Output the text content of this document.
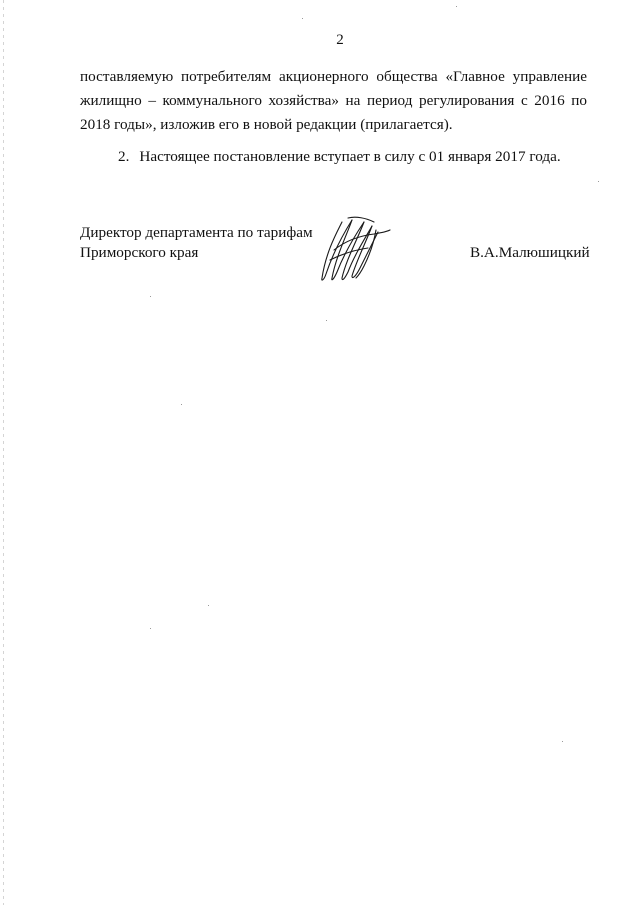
2
поставляемую потребителям акционерного общества «Главное управление
жилищно – коммунального хозяйства» на период регулирования с 2016 по
2018 годы», изложив его в новой редакции (прилагается).
2. Настоящее постановление вступает в силу с 01 января 2017 года.
Директор департамента по тарифам
Приморского края	В.А.Малюшицкий
